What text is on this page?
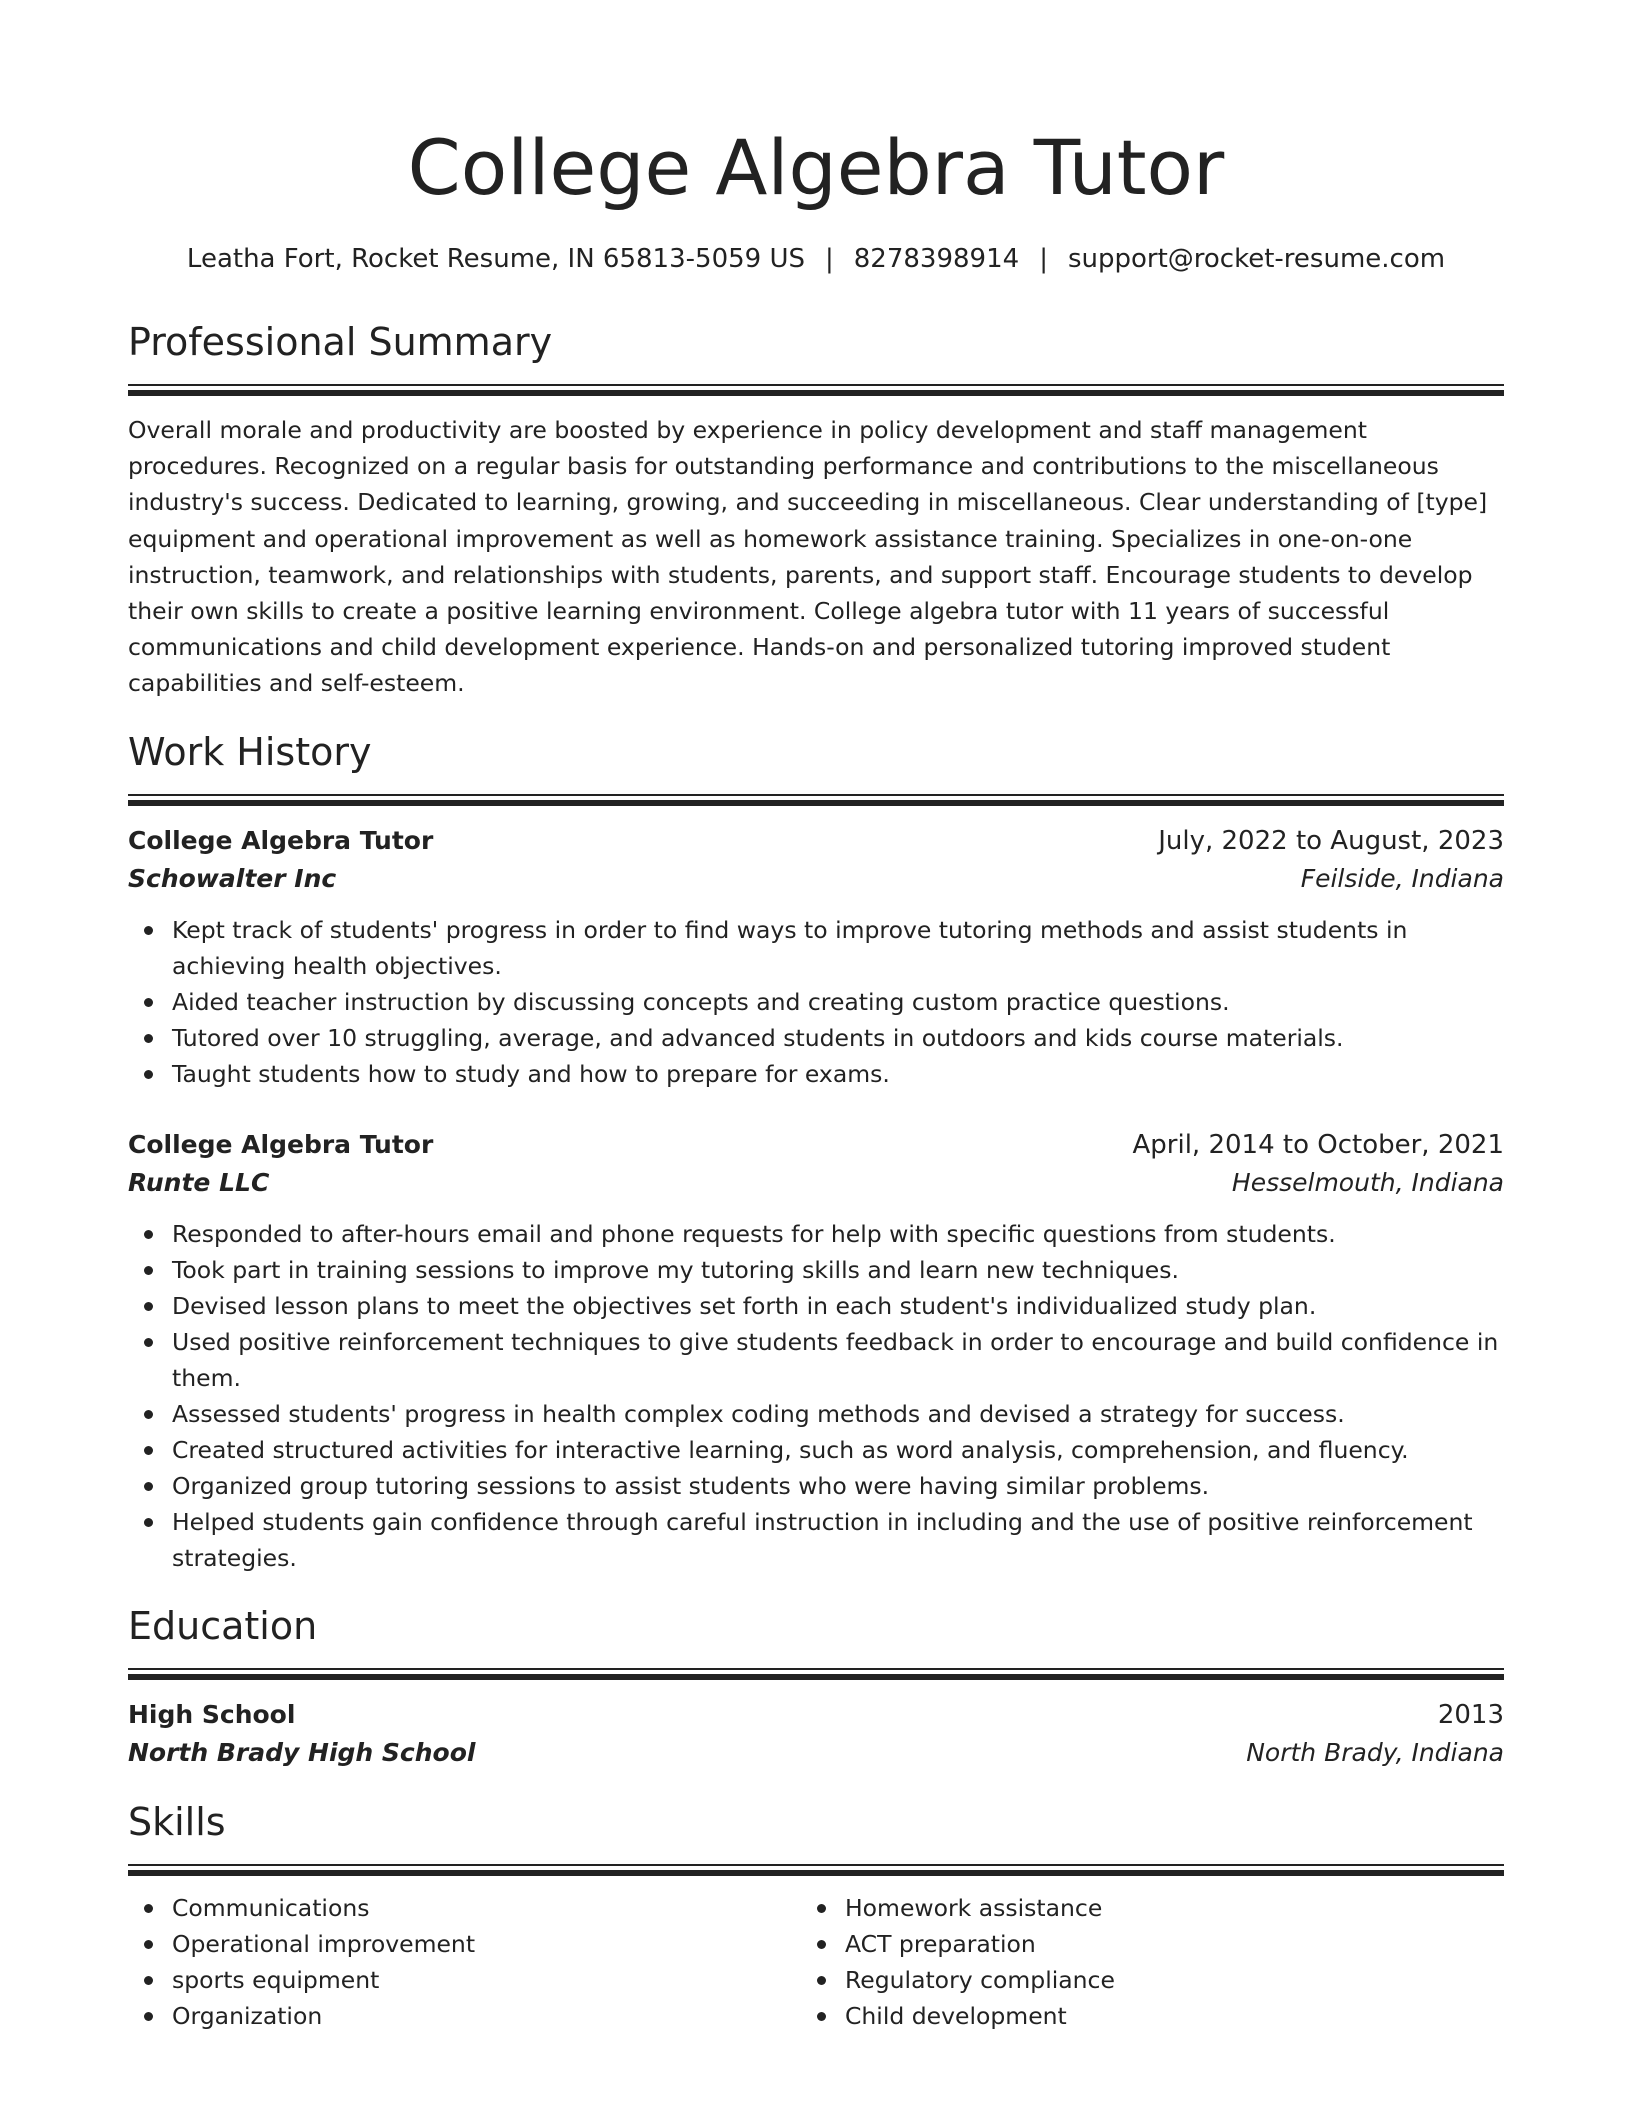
College Algebra Tutor
Leatha Fort, Rocket Resume, IN 65813-5059 US | 8278398914 | support@rocket-resume.com
Professional Summary
Overall morale and productivity are boosted by experience in policy development and staff management procedures. Recognized on a regular basis for outstanding performance and contributions to the miscellaneous industry's success. Dedicated to learning, growing, and succeeding in miscellaneous. Clear understanding of [type] equipment and operational improvement as well as homework assistance training. Specializes in one-on-one instruction, teamwork, and relationships with students, parents, and support staff. Encourage students to develop their own skills to create a positive learning environment. College algebra tutor with 11 years of successful communications and child development experience. Hands-on and personalized tutoring improved student capabilities and self-esteem.
Work History
College Algebra Tutor	July, 2022 to August, 2023
Schowalter Inc	Feilside, Indiana
Kept track of students' progress in order to find ways to improve tutoring methods and assist students in achieving health objectives.
Aided teacher instruction by discussing concepts and creating custom practice questions.
Tutored over 10 struggling, average, and advanced students in outdoors and kids course materials.
Taught students how to study and how to prepare for exams.
College Algebra Tutor	April, 2014 to October, 2021
Runte LLC	Hesselmouth, Indiana
Responded to after-hours email and phone requests for help with specific questions from students.
Took part in training sessions to improve my tutoring skills and learn new techniques.
Devised lesson plans to meet the objectives set forth in each student's individualized study plan.
Used positive reinforcement techniques to give students feedback in order to encourage and build confidence in them.
Assessed students' progress in health complex coding methods and devised a strategy for success.
Created structured activities for interactive learning, such as word analysis, comprehension, and fluency.
Organized group tutoring sessions to assist students who were having similar problems.
Helped students gain confidence through careful instruction in including and the use of positive reinforcement strategies.
Education
High School	2013
North Brady High School	North Brady, Indiana
Skills
Communications
Operational improvement
sports equipment
Organization
Homework assistance
ACT preparation
Regulatory compliance
Child development
